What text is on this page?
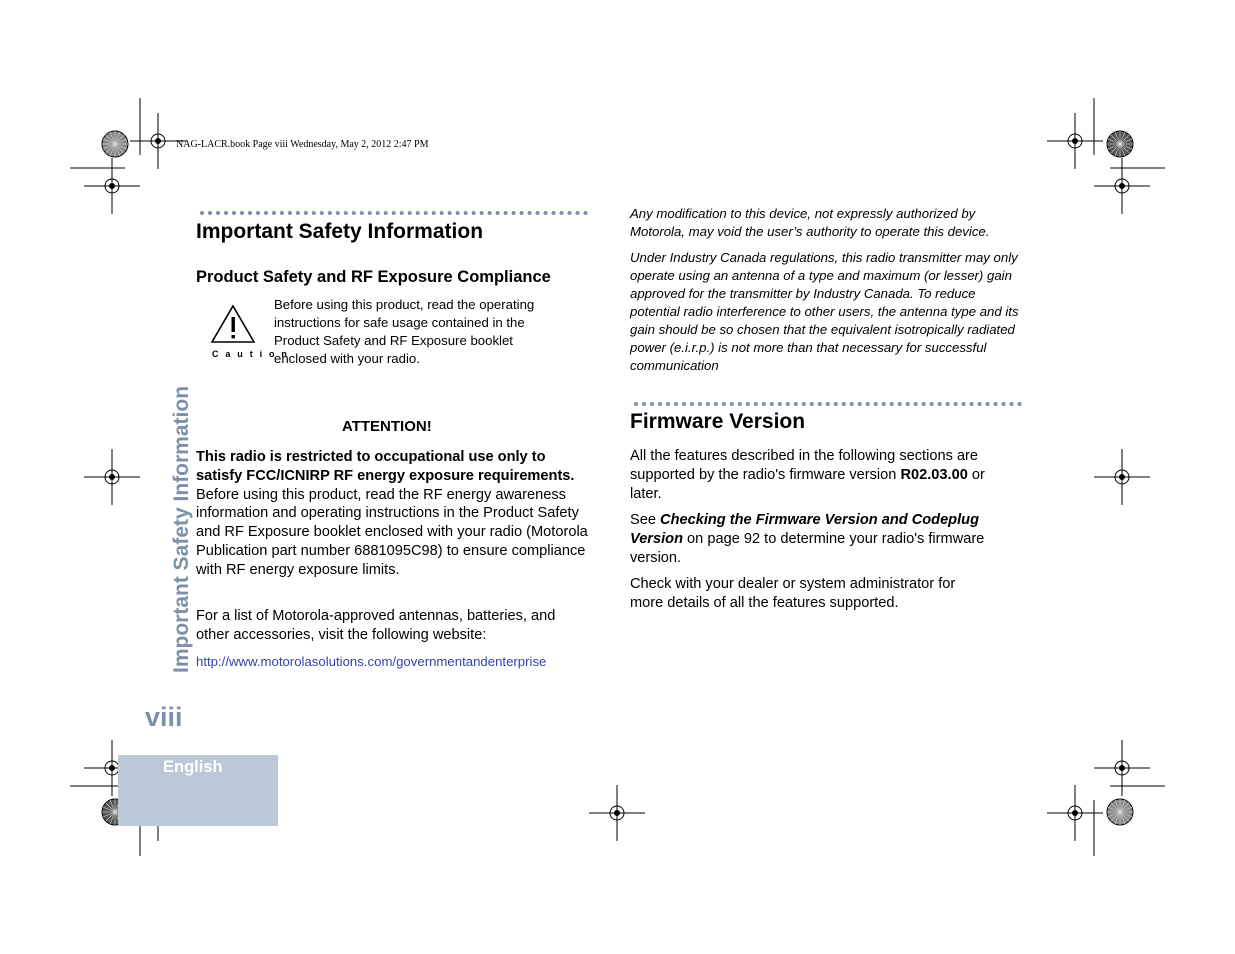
NAG-LACR.book Page viii Wednesday, May 2, 2012 2:47 PM
Important Safety Information
Product Safety and RF Exposure Compliance
C a u t i o n
Before using this product, read the operating instructions for safe usage contained in the Product Safety and RF Exposure booklet enclosed with your radio.
ATTENTION!
This radio is restricted to occupational use only to satisfy FCC/ICNIRP RF energy exposure requirements. Before using this product, read the RF energy awareness information and operating instructions in the Product Safety and RF Exposure booklet enclosed with your radio (Motorola Publication part number 6881095C98) to ensure compliance with RF energy exposure limits.
For a list of Motorola-approved antennas, batteries, and other accessories, visit the following website:
http://www.motorolasolutions.com/governmentandenterprise
Any modification to this device, not expressly authorized by Motorola, may void the user’s authority to operate this device.
Under Industry Canada regulations, this radio transmitter may only operate using an antenna of a type and maximum (or lesser) gain approved for the transmitter by Industry Canada. To reduce potential radio interference to other users, the antenna type and its gain should be so chosen that the equivalent isotropically radiated power (e.i.r.p.) is not more than that necessary for successful communication
Firmware Version
All the features described in the following sections are supported by the radio's firmware version R02.03.00 or later.
See Checking the Firmware Version and Codeplug Version on page 92 to determine your radio's firmware version.
Check with your dealer or system administrator for more details of all the features supported.
Important Safety Information
viii
English
